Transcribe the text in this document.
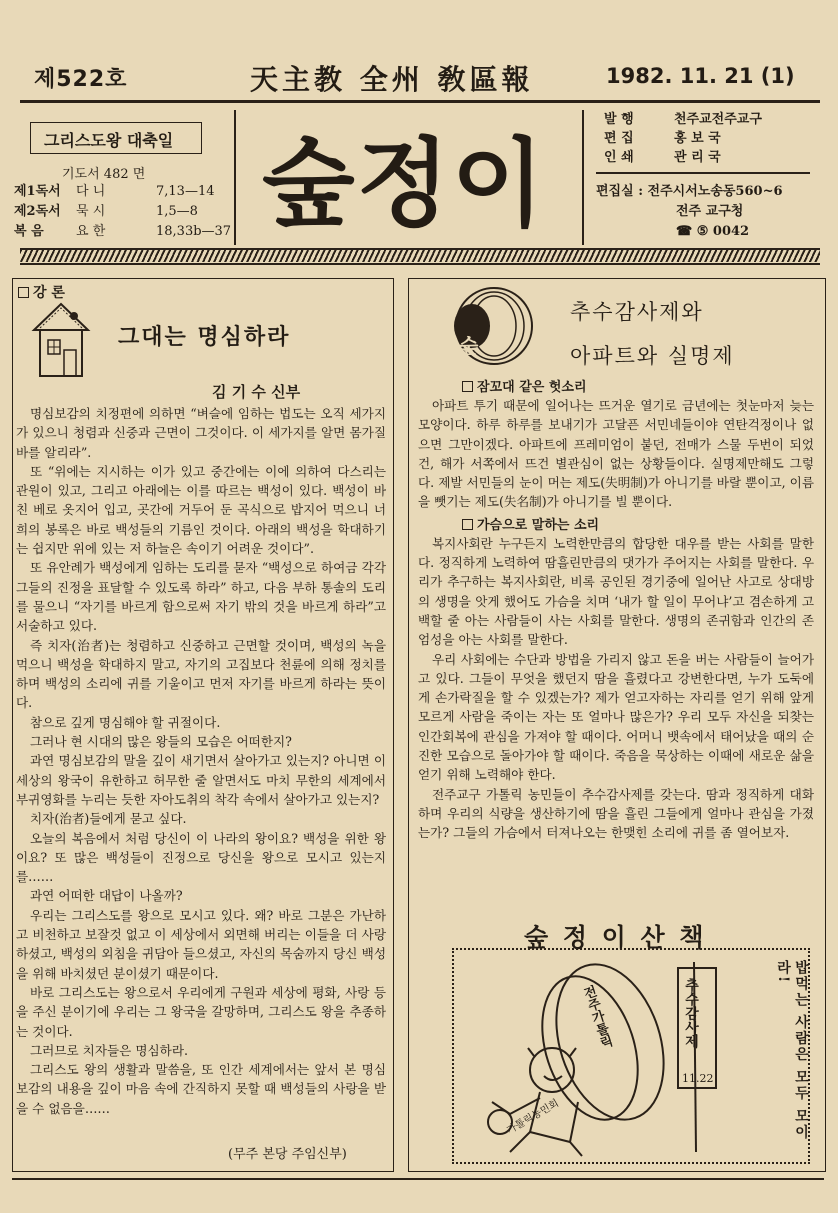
제522호	天主教 全州 敎區報	1982. 11. 21 (1)
그리스도왕 대축일
기도서 482 면
제1독서	다 니	7,13—14
제2독서	묵 시	1,5—8
복 음	요 한	18,33b—37 숲정이
발 행	천주교전주교구
편 집	홍 보 국
인 쇄	관 리 국
편집실 : 전주시서노송동560~6
전주 교구청
☎ ⑤ 0042
강 론
그대는 명심하라
김 기 수 신부

명심보감의 치정편에 의하면 “벼슬에 임하는 법도는 오직 세가지가 있으니 청렴과 신중과 근면이 그것이다. 이 세가지를 알면 몸가질 바를 알리라”.

또 “위에는 지시하는 이가 있고 중간에는 이에 의하여 다스리는 관원이 있고, 그리고 아래에는 이를 따르는 백성이 있다. 백성이 바친 베로 옷지어 입고, 곳간에 거두어 둔 곡식으로 밥지어 먹으니 너희의 봉록은 바로 백성들의 기름인 것이다. 아래의 백성을 학대하기는 쉽지만 위에 있는 저 하늘은 속이기 어려운 것이다”.

또 유안례가 백성에게 임하는 도리를 묻자 “백성으로 하여금 각각 그들의 진정을 표달할 수 있도록 하라” 하고, 다음 부하 통솔의 도리를 물으니 “자기를 바르게 함으로써 자기 밖의 것을 바르게 하라”고 서술하고 있다.

즉 치자(治者)는 청렴하고 신중하고 근면할 것이며, 백성의 녹을 먹으니 백성을 학대하지 말고, 자기의 고집보다 천륜에 의해 정치를 하며 백성의 소리에 귀를 기울이고 먼저 자기를 바르게 하라는 뜻이다.

참으로 깊게 명심해야 할 귀절이다.

그러나 현 시대의 많은 왕들의 모습은 어떠한지?

과연 명심보감의 말을 깊이 새기면서 살아가고 있는지? 아니면 이 세상의 왕국이 유한하고 허무한 줄 알면서도 마치 무한의 세계에서 부귀영화를 누리는 듯한 자아도취의 착각 속에서 살아가고 있는지?

치자(治者)들에게 묻고 싶다.

오늘의 복음에서 처럼 당신이 이 나라의 왕이요? 백성을 위한 왕이요? 또 많은 백성들이 진정으로 당신을 왕으로 모시고 있는지를……

과연 어떠한 대답이 나올까?

우리는 그리스도를 왕으로 모시고 있다. 왜? 바로 그분은 가난하고 비천하고 보잘것 없고 이 세상에서 외면해 버리는 이들을 더 사랑하셨고, 백성의 외침을 귀담아 들으셨고, 자신의 목숨까지 당신 백성을 위해 바치셨던 분이셨기 때문이다.

바로 그리스도는 왕으로서 우리에게 구원과 세상에 평화, 사랑 등을 주신 분이기에 우리는 그 왕국을 갈망하며, 그리스도 왕을 추종하는 것이다.

그러므로 치자들은 명심하라.

그리스도 왕의 생활과 말씀을, 또 인간 세계에서는 앞서 본 명심보감의 내용을 깊이 마음 속에 간직하지 못할 때 백성들의 사랑을 받을 수 없음을……

(무주 본당 주임신부)
숲
추수감사제와
아파트와 실명제
잠꼬대 같은 헛소리

아파트 투기 때문에 일어나는 뜨거운 열기로 금년에는 첫눈마저 늦는 모양이다. 하루 하루를 보내기가 고달픈 서민네들이야 연탄걱정이나 없으면 그만이겠다. 아파트에 프레미엄이 붙던, 전매가 스물 두번이 되었건, 해가 서쪽에서 뜨건 별관심이 없는 상황들이다. 실명제만해도 그렇다. 제발 서민들의 눈이 머는 제도(失明制)가 아니기를 바랄 뿐이고, 이름을 뺏기는 제도(失名制)가 아니기를 빌 뿐이다.

가슴으로 말하는 소리

복지사회란 누구든지 노력한만큼의 합당한 대우를 받는 사회를 말한다. 정직하게 노력하여 땀흘린만큼의 댓가가 주어지는 사회를 말한다. 우리가 추구하는 복지사회란, 비록 공인된 경기중에 일어난 사고로 상대방의 생명을 앗게 했어도 가슴을 치며 ‘내가 할 일이 무어냐’고 겸손하게 고백할 줄 아는 사람들이 사는 사회를 말한다. 생명의 존귀함과 인간의 존엄성을 아는 사회를 말한다.

우리 사회에는 수단과 방법을 가리지 않고 돈을 버는 사람들이 늘어가고 있다. 그들이 무엇을 했던지 땀을 흘렸다고 강변한다면, 누가 도둑에게 손가락질을 할 수 있겠는가? 제가 얻고자하는 자리를 얻기 위해 앞게 모르게 사람을 죽이는 자는 또 얼마나 많은가? 우리 모두 자신을 되찾는 인간회복에 관심을 가져야 할 때이다. 어머니 뱃속에서 태어났을 때의 순진한 모습으로 돌아가야 할 때이다. 죽음을 묵상하는 이때에 새로운 삶을 얻기 위해 노력해야 한다.

전주교구 가톨릭 농민들이 추수감사제를 갖는다. 땀과 정직하게 대화하며 우리의 식량을 생산하기에 땀을 흘린 그들에게 얼마나 관심을 가졌는가? 그들의 가슴에서 터져나오는 한맺힌 소리에 귀를 좀 열어보자.

숲 정 이 산 책
전주가톨릭	추수감사제
11.22
가톨릭농민회	밥먹는 사람은 모두 모이라!
